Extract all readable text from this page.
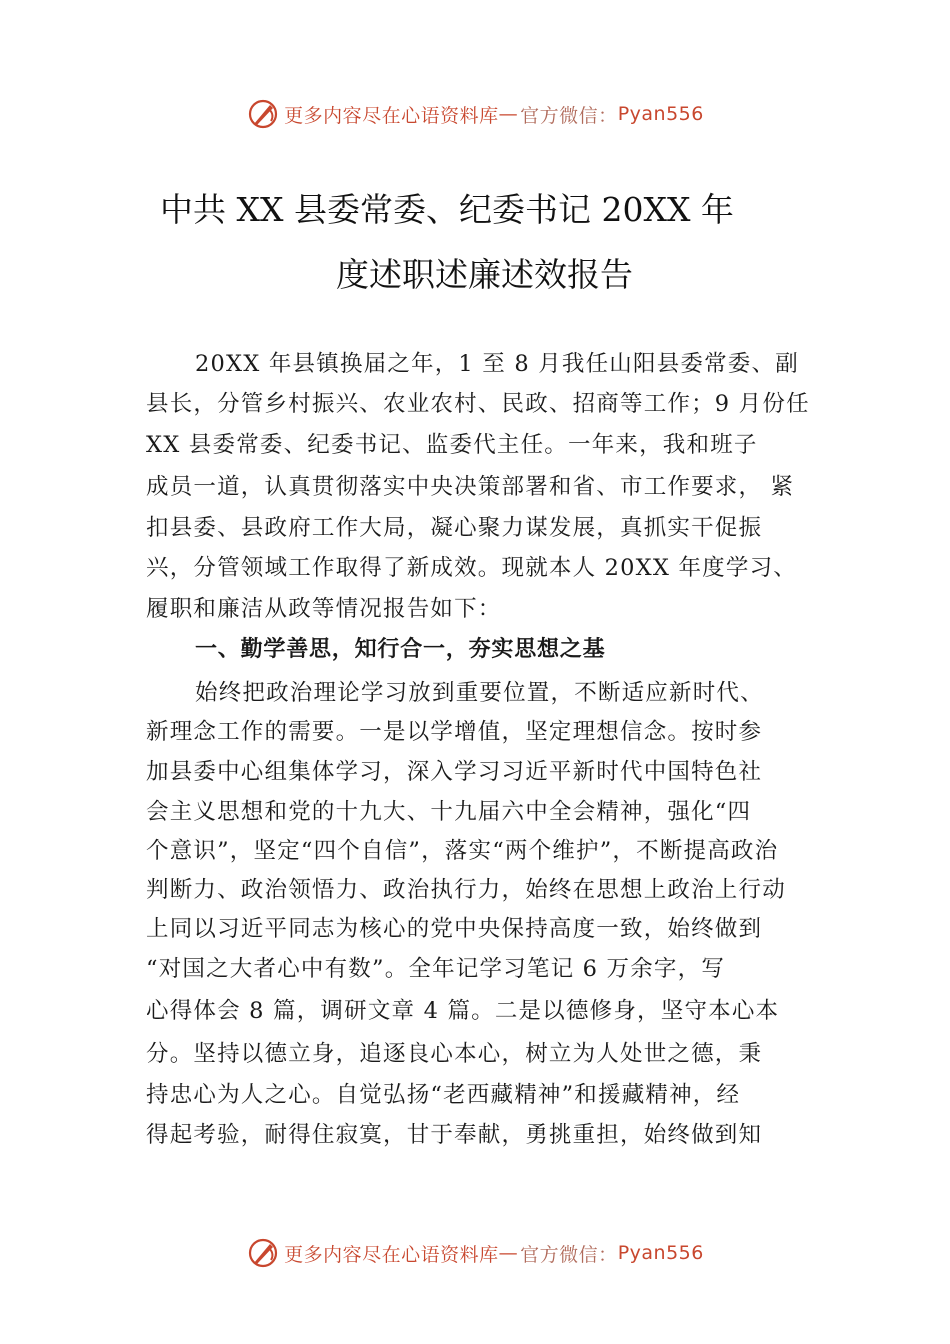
更多内容尽在心语资料库 — 官方微信： Pyan556
中共 XX 县委常委、纪委书记 20XX 年
度述职述廉述效报告
20XX 年县镇换届之年，1 至 8 月我任山阳县委常委、副
县长，分管乡村振兴、农业农村、民政、招商等工作；9 月份任
XX 县委常委、纪委书记、监委代主任。一年来，我和班子
成员一道，认真贯彻落实中央决策部署和省、市工作要求， 紧
扣县委、县政府工作大局，凝心聚力谋发展，真抓实干促振
兴，分管领域工作取得了新成效。现就本人 20XX 年度学习、
履职和廉洁从政等情况报告如下：
一、勤学善思，知行合一，夯实思想之基
始终把政治理论学习放到重要位置，不断适应新时代、
新理念工作的需要。一是以学增值，坚定理想信念。按时参
加县委中心组集体学习，深入学习习近平新时代中国特色社
会主义思想和党的十九大、十九届六中全会精神，强化“四
个意识”，坚定“四个自信”，落实“两个维护”，不断提高政治
判断力、政治领悟力、政治执行力，始终在思想上政治上行动
上同以习近平同志为核心的党中央保持高度一致，始终做到
“对国之大者心中有数”。全年记学习笔记 6 万余字，写
心得体会 8 篇，调研文章 4 篇。二是以德修身，坚守本心本
分。坚持以德立身，追逐良心本心，树立为人处世之德，秉
持忠心为人之心。自觉弘扬“老西藏精神”和援藏精神，经
得起考验，耐得住寂寞，甘于奉献，勇挑重担，始终做到知
更多内容尽在心语资料库 — 官方微信： Pyan556
